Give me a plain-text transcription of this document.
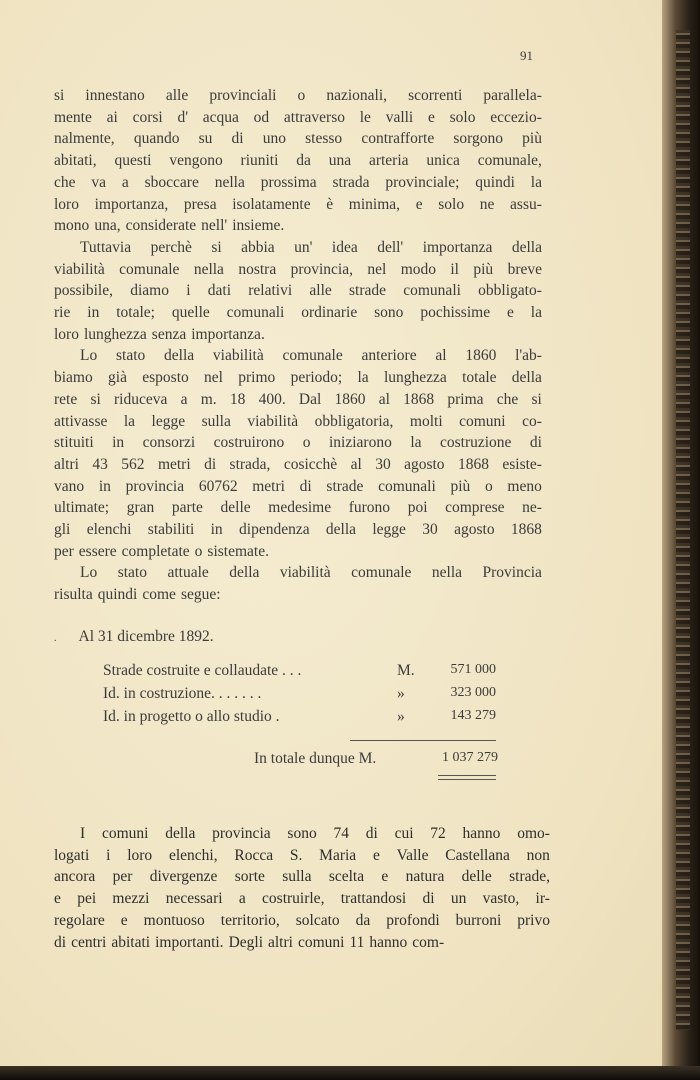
91
si innestano alle provinciali o nazionali, scorrenti parallela-
mente ai corsi d' acqua od attraverso le valli e solo eccezio-
nalmente, quando su di uno stesso contrafforte sorgono più
abitati, questi vengono riuniti da una arteria unica comunale,
che va a sboccare nella prossima strada provinciale; quindi la
loro importanza, presa isolatamente è minima, e solo ne assu-
mono una, considerate nell' insieme.
Tuttavia perchè si abbia un' idea dell' importanza della
viabilità comunale nella nostra provincia, nel modo il più breve
possibile, diamo i dati relativi alle strade comunali obbligato-
rie in totale; quelle comunali ordinarie sono pochissime e la
loro lunghezza senza importanza.
Lo stato della viabilità comunale anteriore al 1860 l'ab-
biamo già esposto nel primo periodo; la lunghezza totale della
rete si riduceva a m. 18 400. Dal 1860 al 1868 prima che si
attivasse la legge sulla viabilità obbligatoria, molti comuni co-
stituiti in consorzi costruirono o iniziarono la costruzione di
altri 43 562 metri di strada, cosicchè al 30 agosto 1868 esiste-
vano in provincia 60762 metri di strade comunali più o meno
ultimate; gran parte delle medesime furono poi comprese ne-
gli elenchi stabiliti in dipendenza della legge 30 agosto 1868
per essere completate o sistemate.
Lo stato attuale della viabilità comunale nella Provincia
risulta quindi come segue:
. Al 31 dicembre 1892.
Strade costruite e collaudate . . .	M.	571 000
Id. in costruzione. . . . . . .	»	323 000
Id. in progetto o allo studio .	»	143 279
In totale dunque M.	1 037 279
I comuni della provincia sono 74 di cui 72 hanno omo-
logati i loro elenchi, Rocca S. Maria e Valle Castellana non
ancora per divergenze sorte sulla scelta e natura delle strade,
e pei mezzi necessari a costruirle, trattandosi di un vasto, ir-
regolare e montuoso territorio, solcato da profondi burroni privo
di centri abitati importanti. Degli altri comuni 11 hanno com-
